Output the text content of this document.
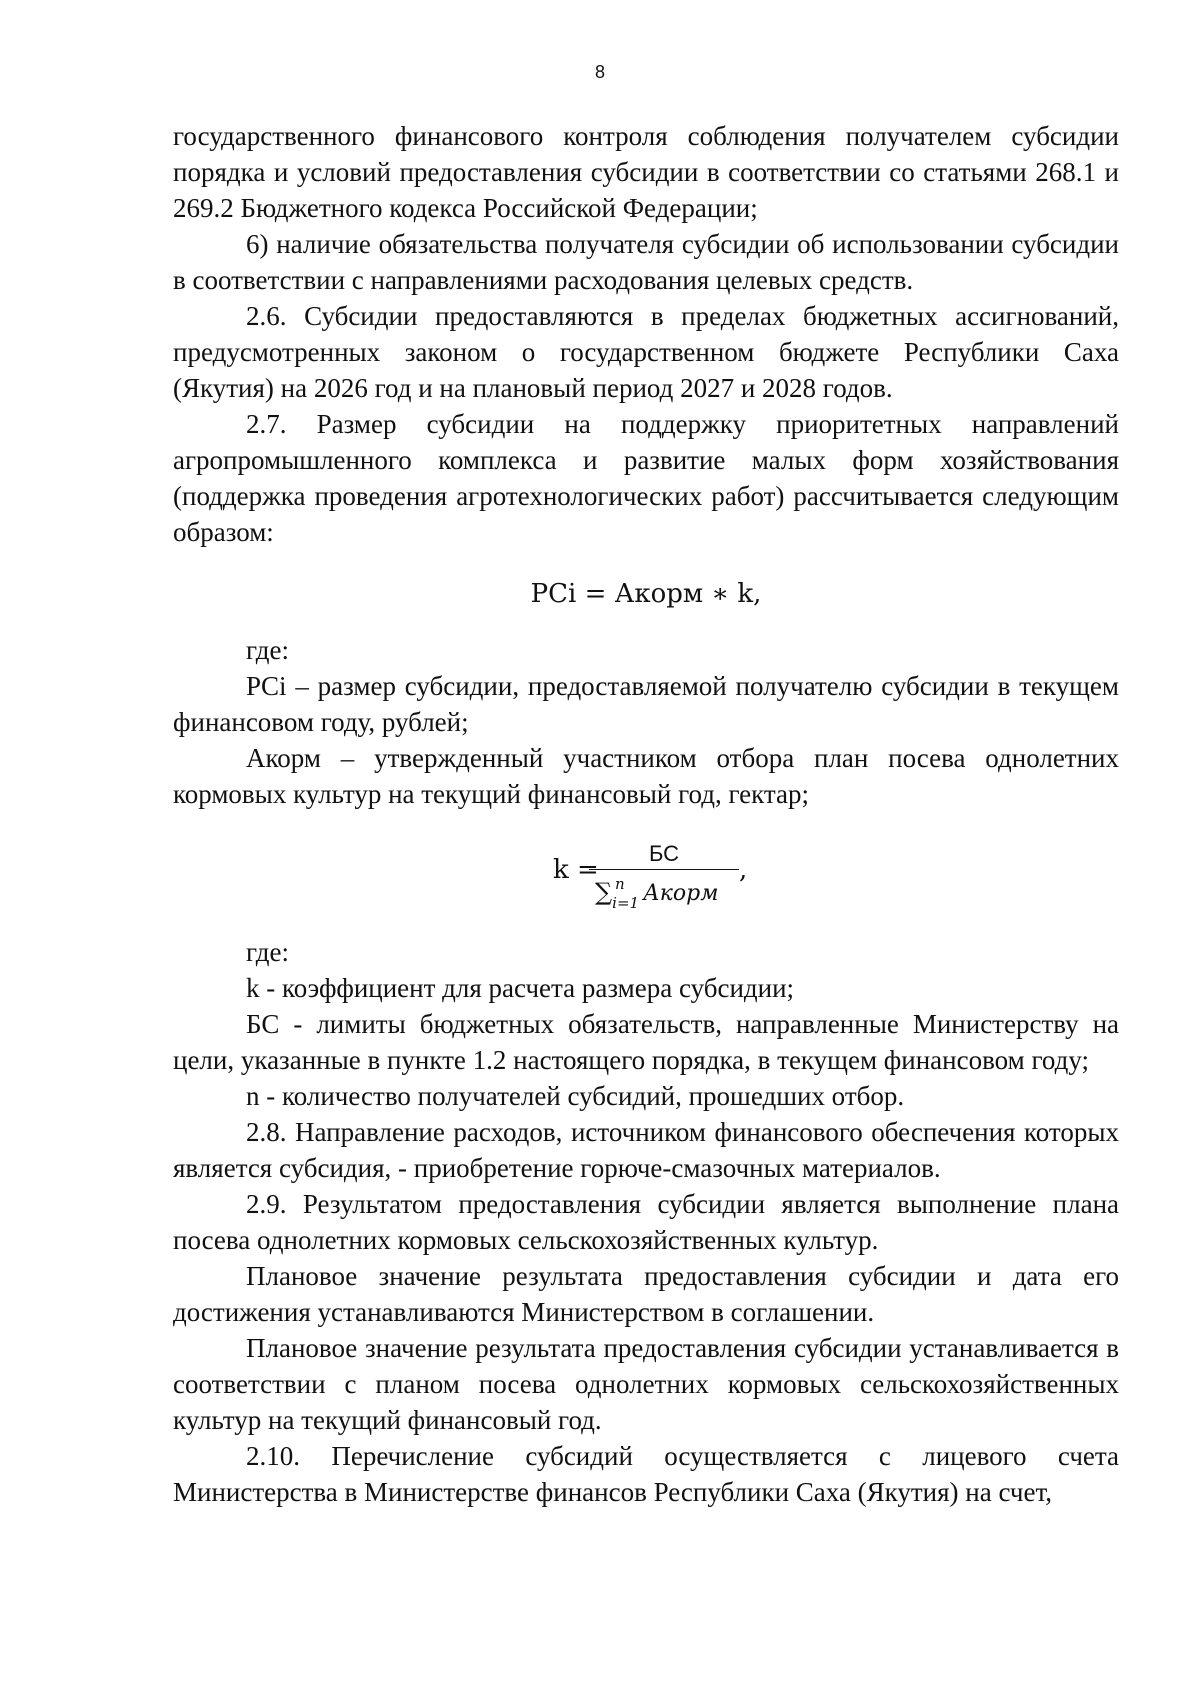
8

государственного финансового контроля соблюдения получателем субсидии порядка и условий предоставления субсидии в соответствии со статьями 268.1 и 269.2 Бюджетного кодекса Российской Федерации;

6) наличие обязательства получателя субсидии об использовании субсидии в соответствии с направлениями расходования целевых средств.

2.6. Субсидии предоставляются в пределах бюджетных ассигнований, предусмотренных законом о государственном бюджете Республики Саха (Якутия) на 2026 год и на плановый период 2027 и 2028 годов.

2.7. Размер субсидии на поддержку приоритетных направлений агропромышленного комплекса и развитие малых форм хозяйствования (поддержка проведения агротехнологических работ) рассчитывается следующим образом:

PCi = Акорм ∗ k,

где:

PCi – размер субсидии, предоставляемой получателю субсидии в текущем финансовом году, рублей;

Акорм – утвержденный участником отбора план посева однолетних кормовых культур на текущий финансовый год, гектар;

k =
БС
∑ n
$_{i=1}$ Акорм
,

где:

k - коэффициент для расчета размера субсидии;

БС - лимиты бюджетных обязательств, направленные Министерству на цели, указанные в пункте 1.2 настоящего порядка, в текущем финансовом году;

n - количество получателей субсидий, прошедших отбор.

2.8. Направление расходов, источником финансового обеспечения которых является субсидия, - приобретение горюче-смазочных материалов.

2.9. Результатом предоставления субсидии является выполнение плана посева однолетних кормовых сельскохозяйственных культур.

Плановое значение результата предоставления субсидии и дата его достижения устанавливаются Министерством в соглашении.

Плановое значение результата предоставления субсидии устанавливается в соответствии с планом посева однолетних кормовых сельскохозяйственных культур на текущий финансовый год.

2.10. Перечисление субсидий осуществляется с лицевого счета Министерства в Министерстве финансов Республики Саха (Якутия) на счет,
